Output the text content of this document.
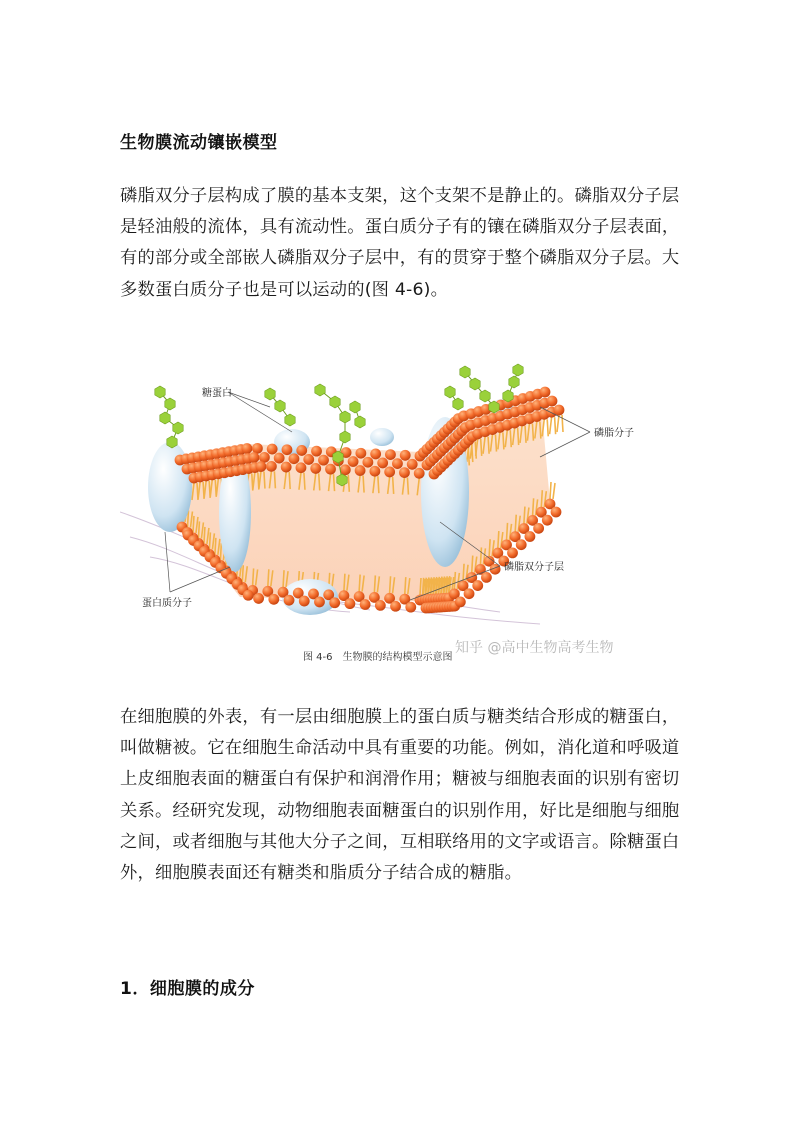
生物膜流动镶嵌模型

磷脂双分子层构成了膜的基本支架，这个支架不是静止的。磷脂双分子层是轻油般的流体，具有流动性。蛋白质分子有的镶在磷脂双分子层表面，有的部分或全部嵌人磷脂双分子层中，有的贯穿于整个磷脂双分子层。大多数蛋白质分子也是可以运动的(图 4-6)。

糖蛋白
磷脂分子
磷脂双分子层
蛋白质分子
知乎 @高中生物高考生物
图 4-6　生物膜的结构模型示意图

在细胞膜的外表，有一层由细胞膜上的蛋白质与糖类结合形成的糖蛋白，叫做糖被。它在细胞生命活动中具有重要的功能。例如，消化道和呼吸道上皮细胞表面的糖蛋白有保护和润滑作用；糖被与细胞表面的识别有密切关系。经研究发现，动物细胞表面糖蛋白的识别作用，好比是细胞与细胞之间，或者细胞与其他大分子之间，互相联络用的文字或语言。除糖蛋白外，细胞膜表面还有糖类和脂质分子结合成的糖脂。

1．细胞膜的成分
